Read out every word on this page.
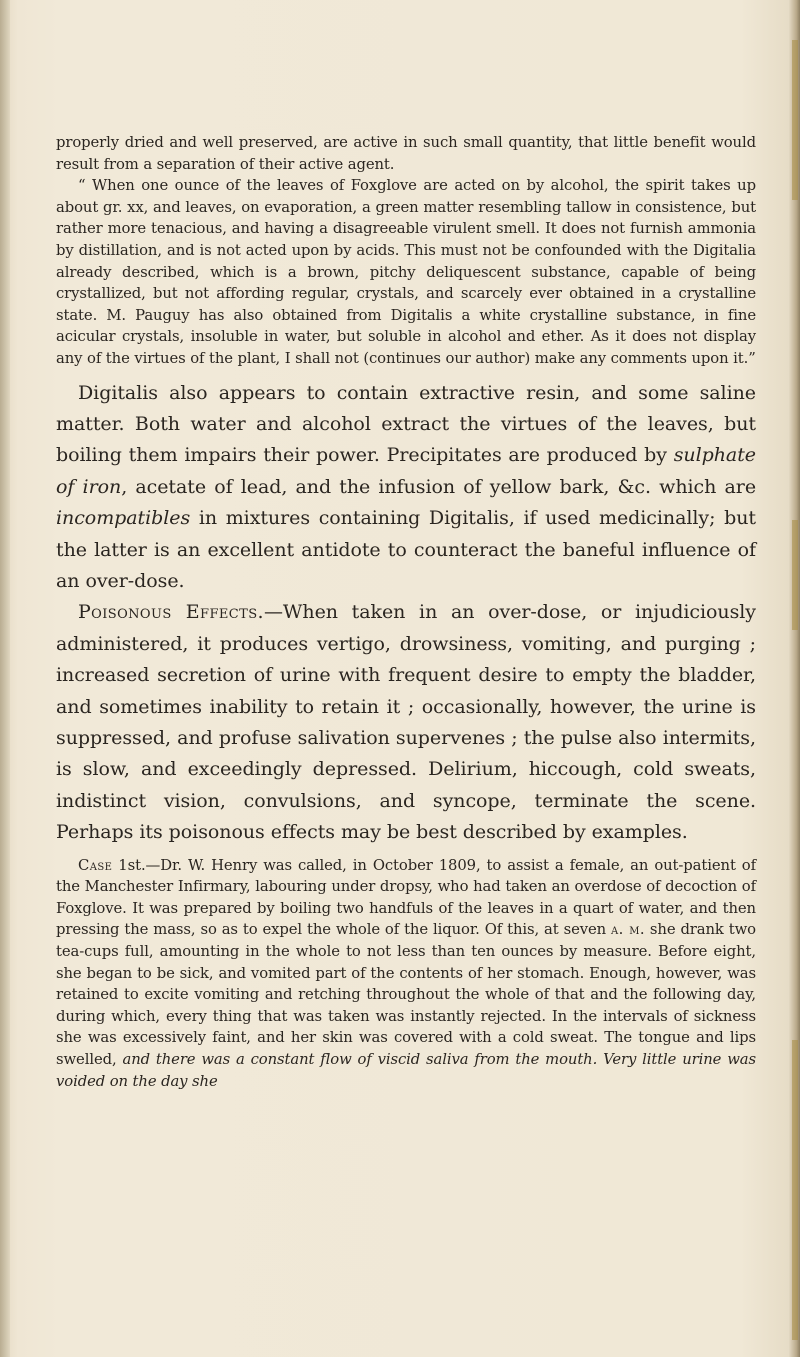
properly dried and well preserved, are active in such small quantity, that little benefit would result from a separation of their active agent.

“ When one ounce of the leaves of Foxglove are acted on by alcohol, the spirit takes up about gr. xx, and leaves, on evaporation, a green matter resembling tallow in consistence, but rather more tenacious, and having a disagreeable virulent smell. It does not furnish ammonia by distillation, and is not acted upon by acids. This must not be confounded with the Digitalia already described, which is a brown, pitchy deliquescent substance, capable of being crystallized, but not affording regular, crystals, and scarcely ever obtained in a crystalline state. M. Pauguy has also obtained from Digitalis a white crystalline substance, in fine acicular crystals, insoluble in water, but soluble in alcohol and ether. As it does not display any of the virtues of the plant, I shall not (continues our author) make any comments upon it.”

Digitalis also appears to contain extractive resin, and some saline matter. Both water and alcohol extract the virtues of the leaves, but boiling them impairs their power. Precipitates are produced by sulphate of iron, acetate of lead, and the infusion of yellow bark, &c. which are incompatibles in mixtures containing Digitalis, if used medicinally; but the latter is an excellent antidote to counteract the baneful influence of an over-dose.

Poisonous Effects.—When taken in an over-dose, or injudiciously administered, it produces vertigo, drowsiness, vomiting, and purging ; increased secretion of urine with frequent desire to empty the bladder, and sometimes inability to retain it ; occasionally, however, the urine is suppressed, and profuse salivation supervenes ; the pulse also intermits, is slow, and exceedingly depressed. Delirium, hiccough, cold sweats, indistinct vision, convulsions, and syncope, terminate the scene. Perhaps its poisonous effects may be best described by examples.

Case 1st.—Dr. W. Henry was called, in October 1809, to assist a female, an out-patient of the Manchester Infirmary, labouring under dropsy, who had taken an overdose of decoction of Foxglove. It was prepared by boiling two handfuls of the leaves in a quart of water, and then pressing the mass, so as to expel the whole of the liquor. Of this, at seven a. m. she drank two tea-cups full, amounting in the whole to not less than ten ounces by measure. Before eight, she began to be sick, and vomited part of the contents of her stomach. Enough, however, was retained to excite vomiting and retching throughout the whole of that and the following day, during which, every thing that was taken was instantly rejected. In the intervals of sickness she was excessively faint, and her skin was covered with a cold sweat. The tongue and lips swelled, and there was a constant flow of viscid saliva from the mouth. Very little urine was voided on the day she
